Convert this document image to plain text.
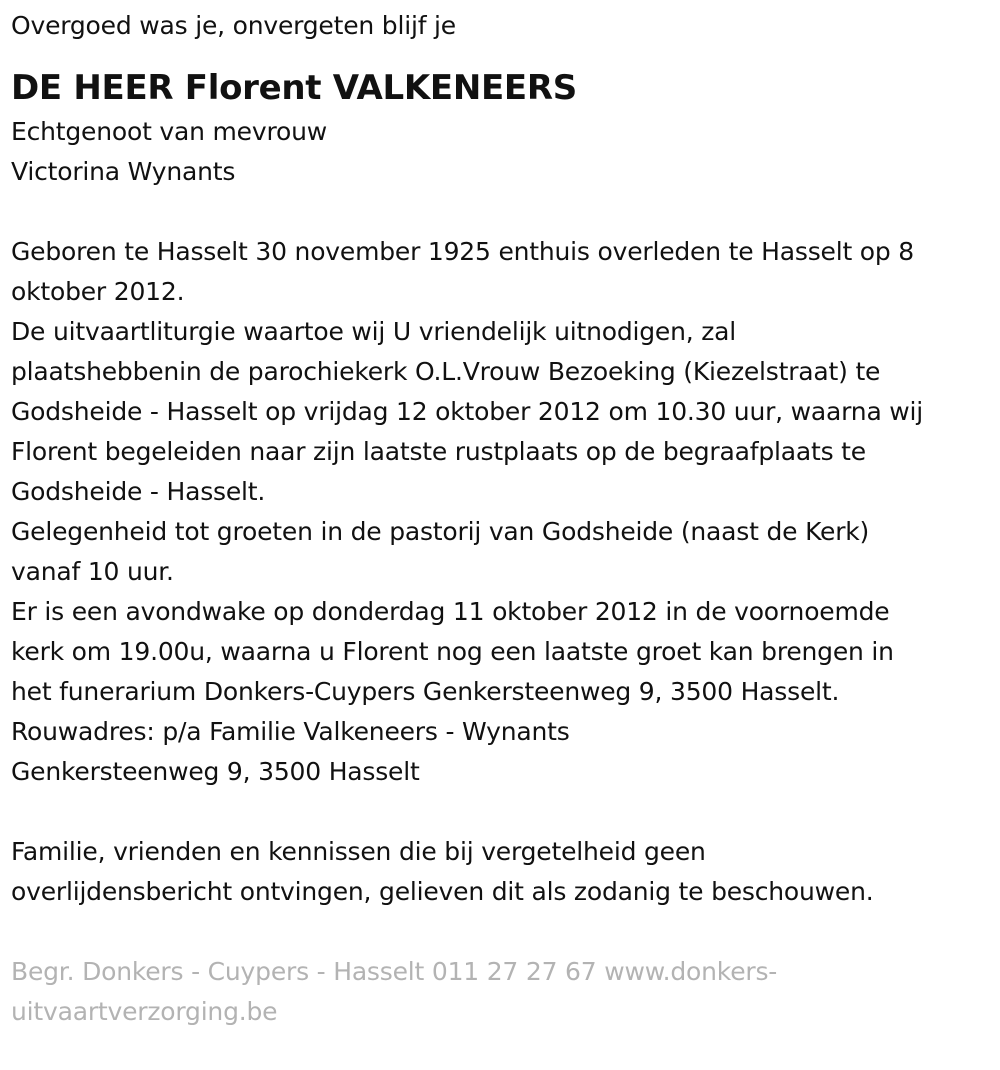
Overgoed was je, onvergeten blijf je
DE HEER Florent VALKENEERS
Echtgenoot van mevrouw
Victorina Wynants
Geboren te Hasselt 30 november 1925 enthuis overleden te Hasselt op 8
oktober 2012.
De uitvaartliturgie waartoe wij U vriendelijk uitnodigen, zal
plaatshebbenin de parochiekerk O.L.Vrouw Bezoeking (Kiezelstraat) te
Godsheide - Hasselt op vrijdag 12 oktober 2012 om 10.30 uur, waarna wij
Florent begeleiden naar zijn laatste rustplaats op de begraafplaats te
Godsheide - Hasselt.
Gelegenheid tot groeten in de pastorij van Godsheide (naast de Kerk)
vanaf 10 uur.
Er is een avondwake op donderdag 11 oktober 2012 in de voornoemde
kerk om 19.00u, waarna u Florent nog een laatste groet kan brengen in
het funerarium Donkers-Cuypers Genkersteenweg 9, 3500 Hasselt.
Rouwadres: p/a Familie Valkeneers - Wynants
Genkersteenweg 9, 3500 Hasselt
Familie, vrienden en kennissen die bij vergetelheid geen
overlijdensbericht ontvingen, gelieven dit als zodanig te beschouwen.
Begr. Donkers - Cuypers - Hasselt 011 27 27 67 www.donkers-
uitvaartverzorging.be
